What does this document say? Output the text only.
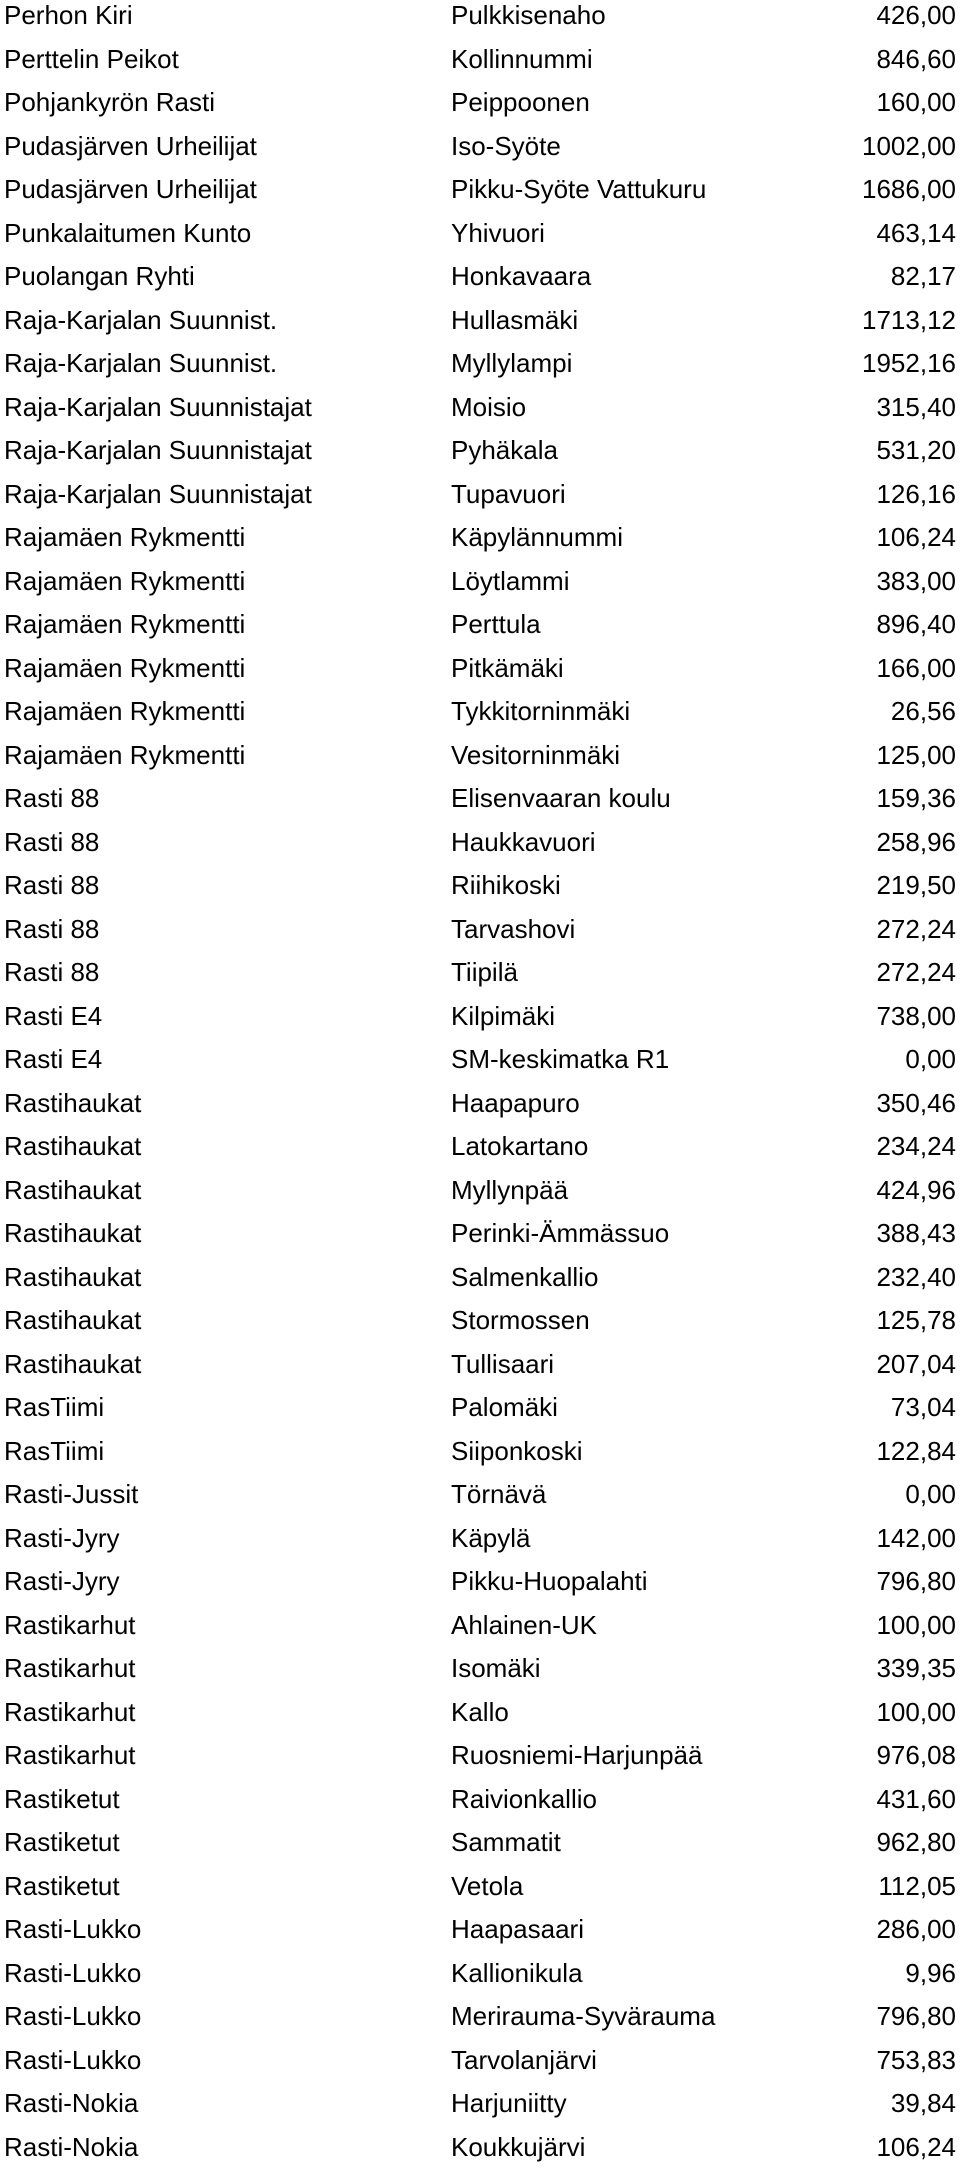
Perhon Kiri	Pulkkisenaho	426,00
Perttelin Peikot	Kollinnummi	846,60
Pohjankyrön Rasti	Peippoonen	160,00
Pudasjärven Urheilijat	Iso-Syöte	1002,00
Pudasjärven Urheilijat	Pikku-Syöte Vattukuru	1686,00
Punkalaitumen Kunto	Yhivuori	463,14
Puolangan Ryhti	Honkavaara	82,17
Raja-Karjalan Suunnist.	Hullasmäki	1713,12
Raja-Karjalan Suunnist.	Myllylampi	1952,16
Raja-Karjalan Suunnistajat	Moisio	315,40
Raja-Karjalan Suunnistajat	Pyhäkala	531,20
Raja-Karjalan Suunnistajat	Tupavuori	126,16
Rajamäen Rykmentti	Käpylännummi	106,24
Rajamäen Rykmentti	Löytlammi	383,00
Rajamäen Rykmentti	Perttula	896,40
Rajamäen Rykmentti	Pitkämäki	166,00
Rajamäen Rykmentti	Tykkitorninmäki	26,56
Rajamäen Rykmentti	Vesitorninmäki	125,00
Rasti 88	Elisenvaaran koulu	159,36
Rasti 88	Haukkavuori	258,96
Rasti 88	Riihikoski	219,50
Rasti 88	Tarvashovi	272,24
Rasti 88	Tiipilä	272,24
Rasti E4	Kilpimäki	738,00
Rasti E4	SM-keskimatka R1	0,00
Rastihaukat	Haapapuro	350,46
Rastihaukat	Latokartano	234,24
Rastihaukat	Myllynpää	424,96
Rastihaukat	Perinki-Ämmässuo	388,43
Rastihaukat	Salmenkallio	232,40
Rastihaukat	Stormossen	125,78
Rastihaukat	Tullisaari	207,04
RasTiimi	Palomäki	73,04
RasTiimi	Siiponkoski	122,84
Rasti-Jussit	Törnävä	0,00
Rasti-Jyry	Käpylä	142,00
Rasti-Jyry	Pikku-Huopalahti	796,80
Rastikarhut	Ahlainen-UK	100,00
Rastikarhut	Isomäki	339,35
Rastikarhut	Kallo	100,00
Rastikarhut	Ruosniemi-Harjunpää	976,08
Rastiketut	Raivionkallio	431,60
Rastiketut	Sammatit	962,80
Rastiketut	Vetola	112,05
Rasti-Lukko	Haapasaari	286,00
Rasti-Lukko	Kallionikula	9,96
Rasti-Lukko	Merirauma-Syväraumа	796,80
Rasti-Lukko	Tarvolanjärvi	753,83
Rasti-Nokia	Harjuniitty	39,84
Rasti-Nokia	Koukkujärvi	106,24
